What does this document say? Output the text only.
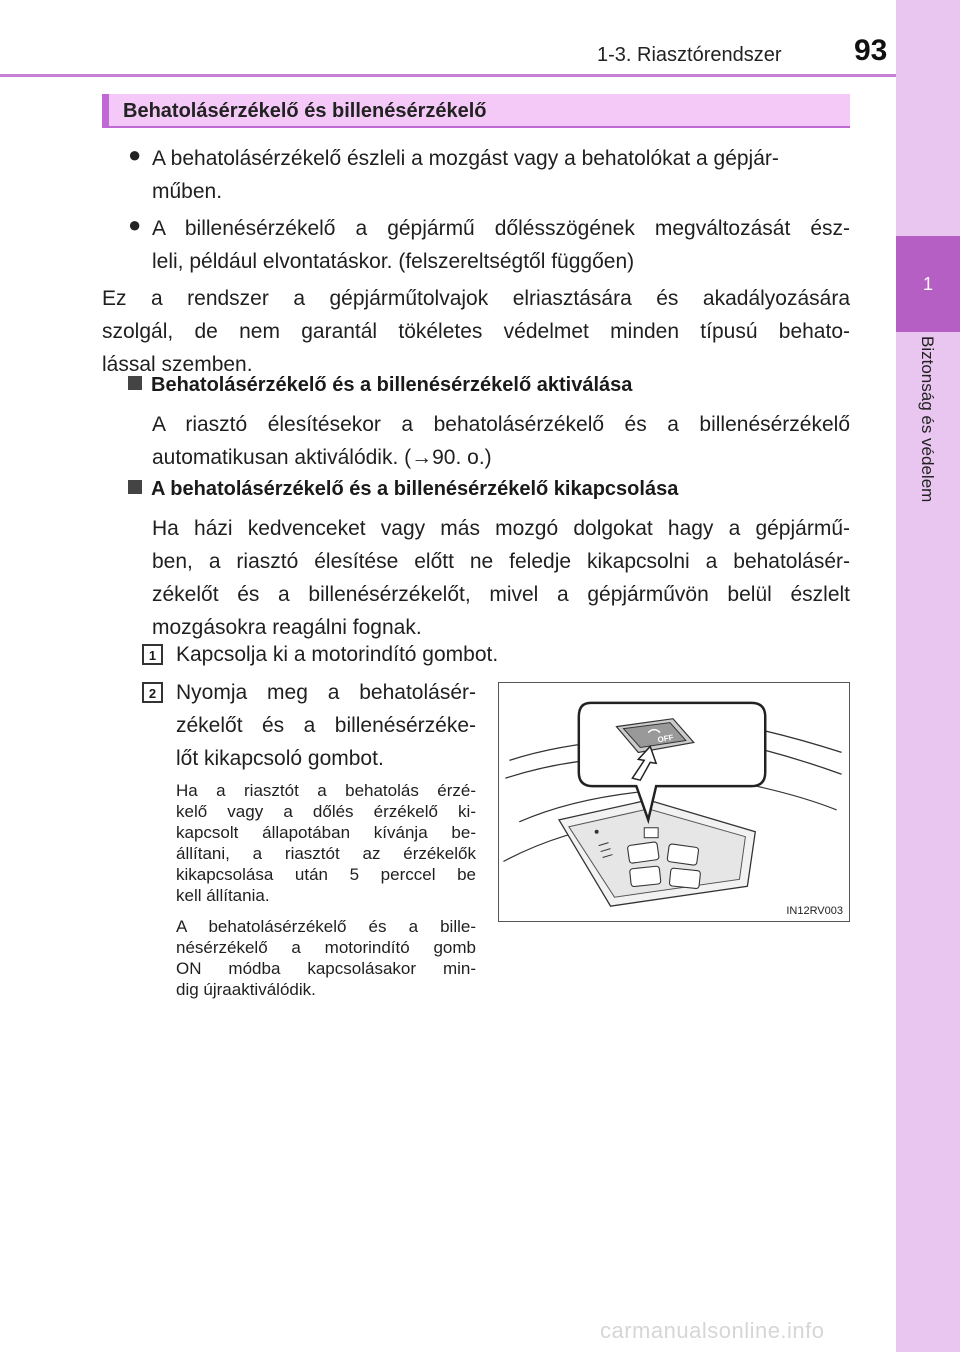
1-3. Riasztórendszer 93
1
Biztonság és védelem
Behatolásérzékelő és billenésérzékelő
● A behatolásérzékelő észleli a mozgást vagy a behatolókat a gépjár-
műben.
● A billenésérzékelő a gépjármű dőlésszögének megváltozását ész-
leli, például elvontatáskor. (felszereltségtől függően)
Ez a rendszer a gépjárműtolvajok elriasztására és akadályozására
szolgál, de nem garantál tökéletes védelmet minden típusú behato-
lással szemben.
Behatolásérzékelő és a billenésérzékelő aktiválása
A riasztó élesítésekor a behatolásérzékelő és a billenésérzékelő
automatikusan aktiválódik. (→90. o.)
A behatolásérzékelő és a billenésérzékelő kikapcsolása
Ha házi kedvenceket vagy más mozgó dolgokat hagy a gépjármű-
ben, a riasztó élesítése előtt ne feledje kikapcsolni a behatolásér-
zékelőt és a billenésérzékelőt, mivel a gépjárművön belül észlelt
mozgásokra reagálni fognak.
1 Kapcsolja ki a motorindító gombot.
2 Nyomja meg a behatolásér-
zékelőt és a billenésérzéke-
lőt kikapcsoló gombot.
Ha a riasztót a behatolás érzé-
kelő vagy a dőlés érzékelő ki-
kapcsolt állapotában kívánja be-
állítani, a riasztót az érzékelők
kikapcsolása után 5 perccel be
kell állítania.
A behatolásérzékelő és a bille-
nésérzékelő a motorindító gomb
ON módba kapcsolásakor min-
dig újraaktiválódik.
OFF
IN12RV003
carmanualsonline.info
